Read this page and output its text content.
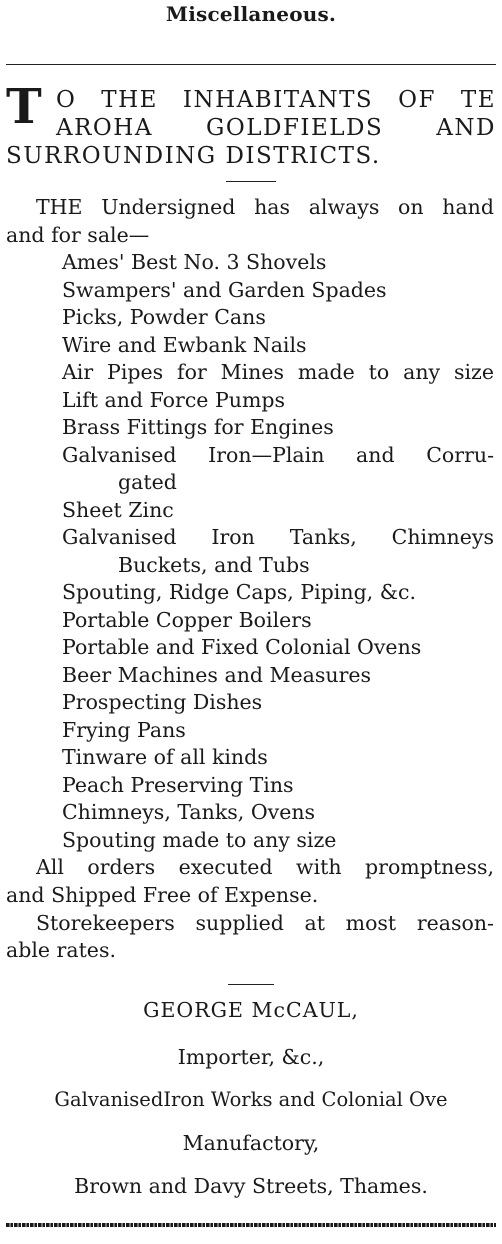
Miscellaneous.
T O THE INHABITANTS OF TE
AROHA GOLDFIELDS AND
SURROUNDING DISTRICTS.
THE Undersigned has always on hand
and for sale—
Ames' Best No. 3 Shovels
Swampers' and Garden Spades
Picks, Powder Cans
Wire and Ewbank Nails
Air Pipes for Mines made to any size
Lift and Force Pumps
Brass Fittings for Engines
Galvanised Iron—Plain and Corru-
gated
Sheet Zinc
Galvanised Iron Tanks, Chimneys
Buckets, and Tubs
Spouting, Ridge Caps, Piping, &c.
Portable Copper Boilers
Portable and Fixed Colonial Ovens
Beer Machines and Measures
Prospecting Dishes
Frying Pans
Tinware of all kinds
Peach Preserving Tins
Chimneys, Tanks, Ovens
Spouting made to any size
All orders executed with promptness,
and Shipped Free of Expense.
Storekeepers supplied at most reason-
able rates.
GEORGE McCAUL,
Importer, &c.,
GalvanisedIron Works and Colonial Ove
Manufactory,
Brown and Davy Streets, Thames.
